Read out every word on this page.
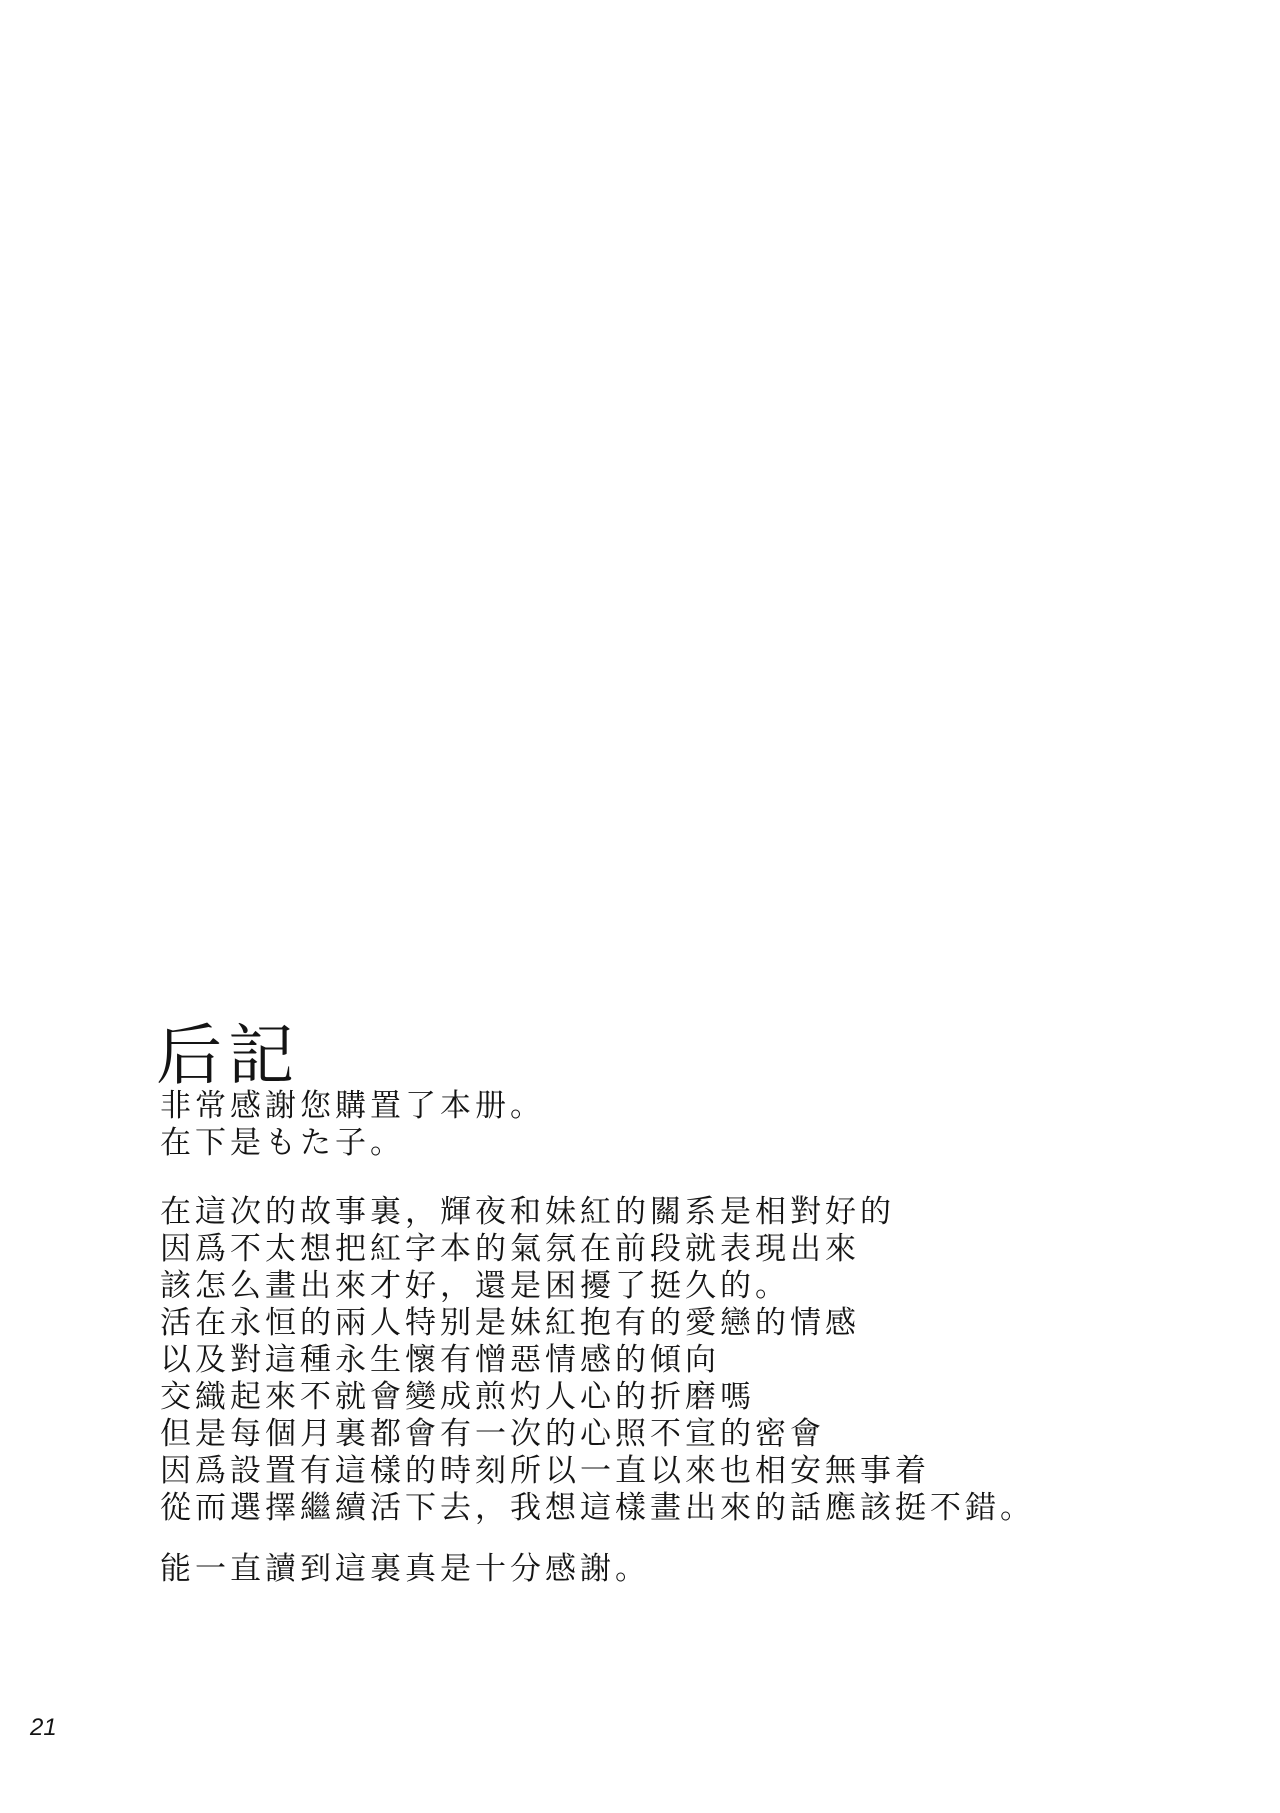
后記
非常感謝您購置了本册。
在下是もた子。
在這次的故事裏，輝夜和妹紅的關系是相對好的
因爲不太想把紅字本的氣氛在前段就表現出來
該怎么畫出來才好，還是困擾了挺久的。
活在永恒的兩人特别是妹紅抱有的愛戀的情感
以及對這種永生懷有憎惡情感的傾向
交織起來不就會變成煎灼人心的折磨嗎
但是每個月裏都會有一次的心照不宣的密會
因爲設置有這樣的時刻所以一直以來也相安無事着
從而選擇繼續活下去，我想這樣畫出來的話應該挺不錯。
能一直讀到這裏真是十分感謝。
21
